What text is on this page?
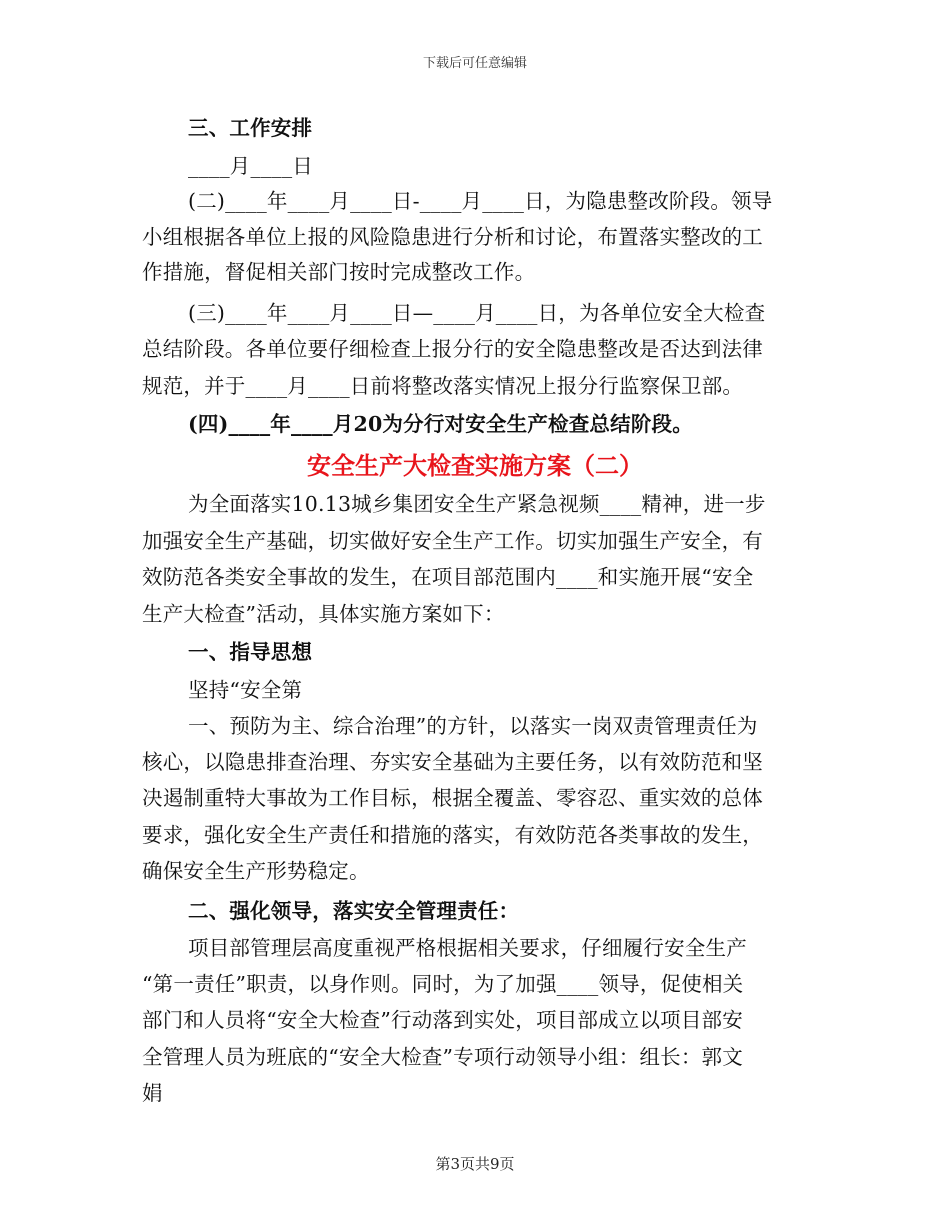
下载后可任意编辑
三、工作安排
____月____日
(二)____年____月____日-____月____日，为隐患整改阶段。领导
小组根据各单位上报的风险隐患进行分析和讨论，布置落实整改的工
作措施，督促相关部门按时完成整改工作。
(三)____年____月____日—____月____日，为各单位安全大检查
总结阶段。各单位要仔细检查上报分行的安全隐患整改是否达到法律
规范，并于____月____日前将整改落实情况上报分行监察保卫部。
(四)____年____月20为分行对安全生产检查总结阶段。
安全生产大检查实施方案（二）
为全面落实10.13城乡集团安全生产紧急视频____精神，进一步
加强安全生产基础，切实做好安全生产工作。切实加强生产安全，有
效防范各类安全事故的发生，在项目部范围内____和实施开展“安全
生产大检查”活动，具体实施方案如下：
一、指导思想
坚持“安全第
一、预防为主、综合治理”的方针，以落实一岗双责管理责任为
核心，以隐患排查治理、夯实安全基础为主要任务，以有效防范和坚
决遏制重特大事故为工作目标，根据全覆盖、零容忍、重实效的总体
要求，强化安全生产责任和措施的落实，有效防范各类事故的发生，
确保安全生产形势稳定。
二、强化领导，落实安全管理责任：
项目部管理层高度重视严格根据相关要求，仔细履行安全生产
“第一责任”职责，以身作则。同时，为了加强____领导，促使相关
部门和人员将“安全大检查”行动落到实处，项目部成立以项目部安
全管理人员为班底的“安全大检查”专项行动领导小组：组长：郭文
娟
第3页共9页
